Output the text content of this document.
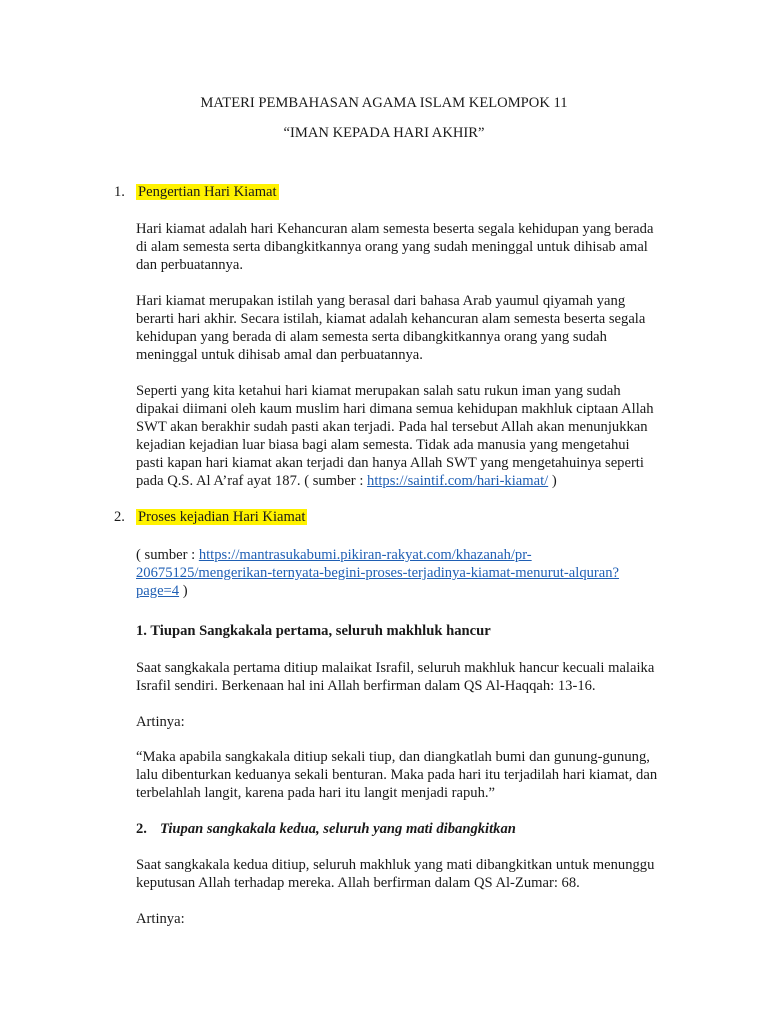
MATERI PEMBAHASAN AGAMA ISLAM KELOMPOK 11
“IMAN KEPADA HARI AKHIR”
1. Pengertian Hari Kiamat
Hari kiamat adalah hari Kehancuran alam semesta beserta segala kehidupan yang berada
di alam semesta serta dibangkitkannya orang yang sudah meninggal untuk dihisab amal
dan perbuatannya.
Hari kiamat merupakan istilah yang berasal dari bahasa Arab yaumul qiyamah yang
berarti hari akhir. Secara istilah, kiamat adalah kehancuran alam semesta beserta segala
kehidupan yang berada di alam semesta serta dibangkitkannya orang yang sudah
meninggal untuk dihisab amal dan perbuatannya.
Seperti yang kita ketahui hari kiamat merupakan salah satu rukun iman yang sudah
dipakai diimani oleh kaum muslim hari dimana semua kehidupan makhluk ciptaan Allah
SWT akan berakhir sudah pasti akan terjadi. Pada hal tersebut Allah akan menunjukkan
kejadian kejadian luar biasa bagi alam semesta. Tidak ada manusia yang mengetahui
pasti kapan hari kiamat akan terjadi dan hanya Allah SWT yang mengetahuinya seperti
pada Q.S. Al A’raf ayat 187. ( sumber : https://saintif.com/hari-kiamat/ )
2. Proses kejadian Hari Kiamat
( sumber : https://mantrasukabumi.pikiran-rakyat.com/khazanah/pr-
20675125/mengerikan-ternyata-begini-proses-terjadinya-kiamat-menurut-alquran?
page=4 )
1. Tiupan Sangkakala pertama, seluruh makhluk hancur
Saat sangkakala pertama ditiup malaikat Israfil, seluruh makhluk hancur kecuali malaika
Israfil sendiri. Berkenaan hal ini Allah berfirman dalam QS Al-Haqqah: 13-16.
Artinya:
“Maka apabila sangkakala ditiup sekali tiup, dan diangkatlah bumi dan gunung-gunung,
lalu dibenturkan keduanya sekali benturan. Maka pada hari itu terjadilah hari kiamat, dan
terbelahlah langit, karena pada hari itu langit menjadi rapuh.”
2. Tiupan sangkakala kedua, seluruh yang mati dibangkitkan
Saat sangkakala kedua ditiup, seluruh makhluk yang mati dibangkitkan untuk menunggu
keputusan Allah terhadap mereka. Allah berfirman dalam QS Al-Zumar: 68.
Artinya:
